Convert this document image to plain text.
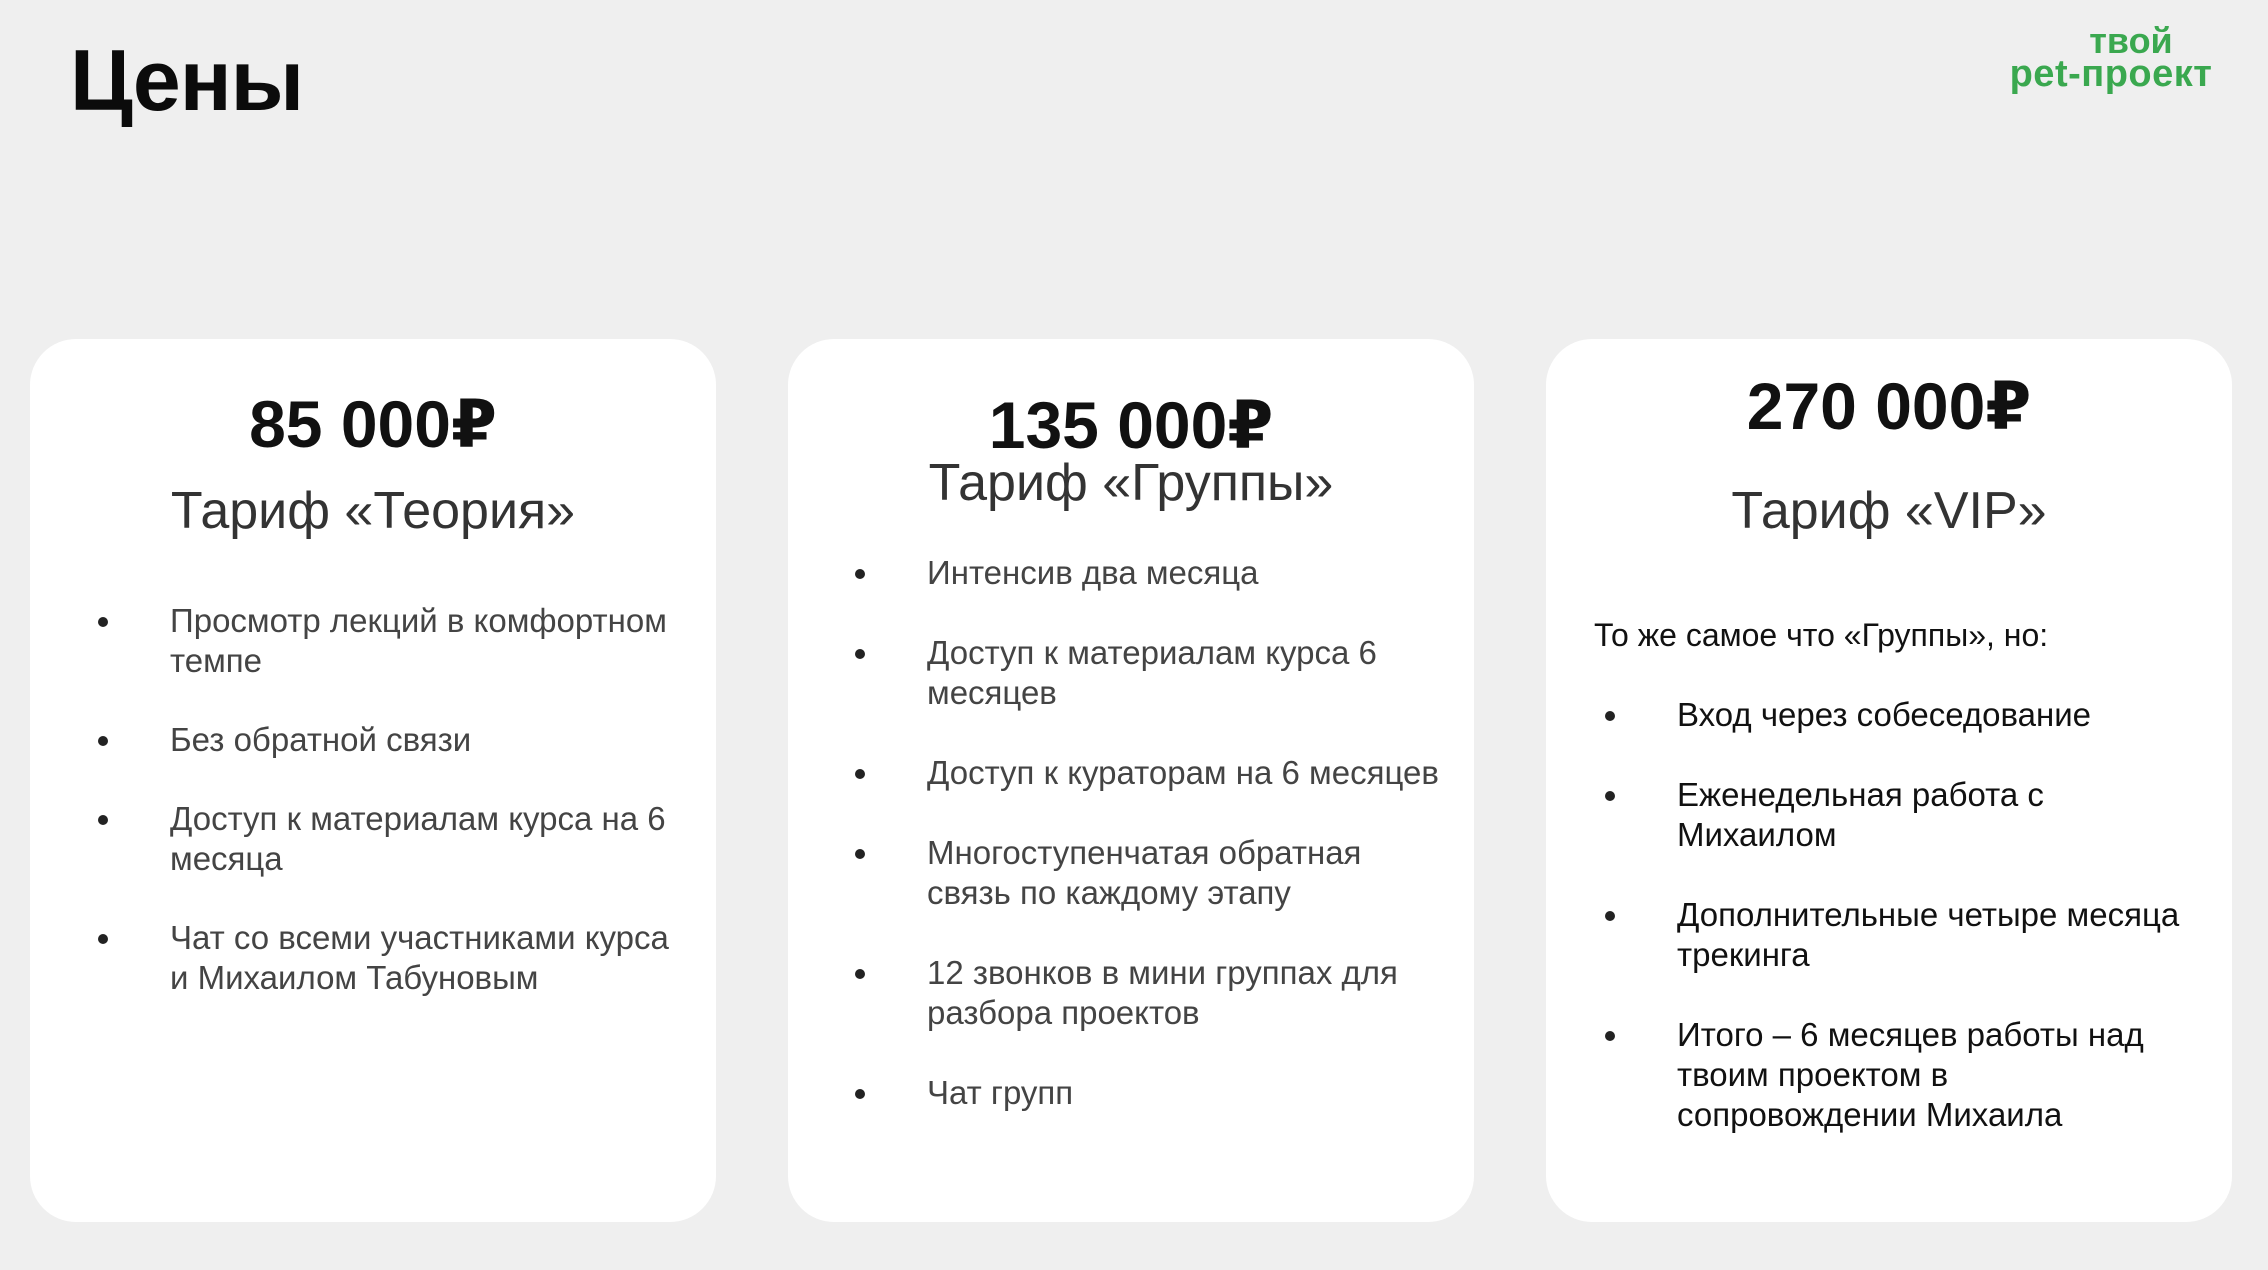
Цены	твой
pet-проект
85 000₽
Тариф «Теория»
Просмотр лекций в комфортном темпе
Без обратной связи
Доступ к материалам курса на 6 месяца
Чат со всеми участниками курса и Михаилом Табуновым
135 000₽
Тариф «Группы»
Интенсив два месяца
Доступ к материалам курса 6 месяцев
Доступ к кураторам на 6 месяцев
Многоступенчатая обратная связь по каждому этапу
12 звонков в мини группах для разбора проектов
Чат групп
270 000₽
Тариф «VIP»
То же самое что «Группы», но:
Вход через собеседование
Еженедельная работа с Михаилом
Дополнительные четыре месяца трекинга
Итого – 6 месяцев работы над твоим проектом в сопровождении Михаила
